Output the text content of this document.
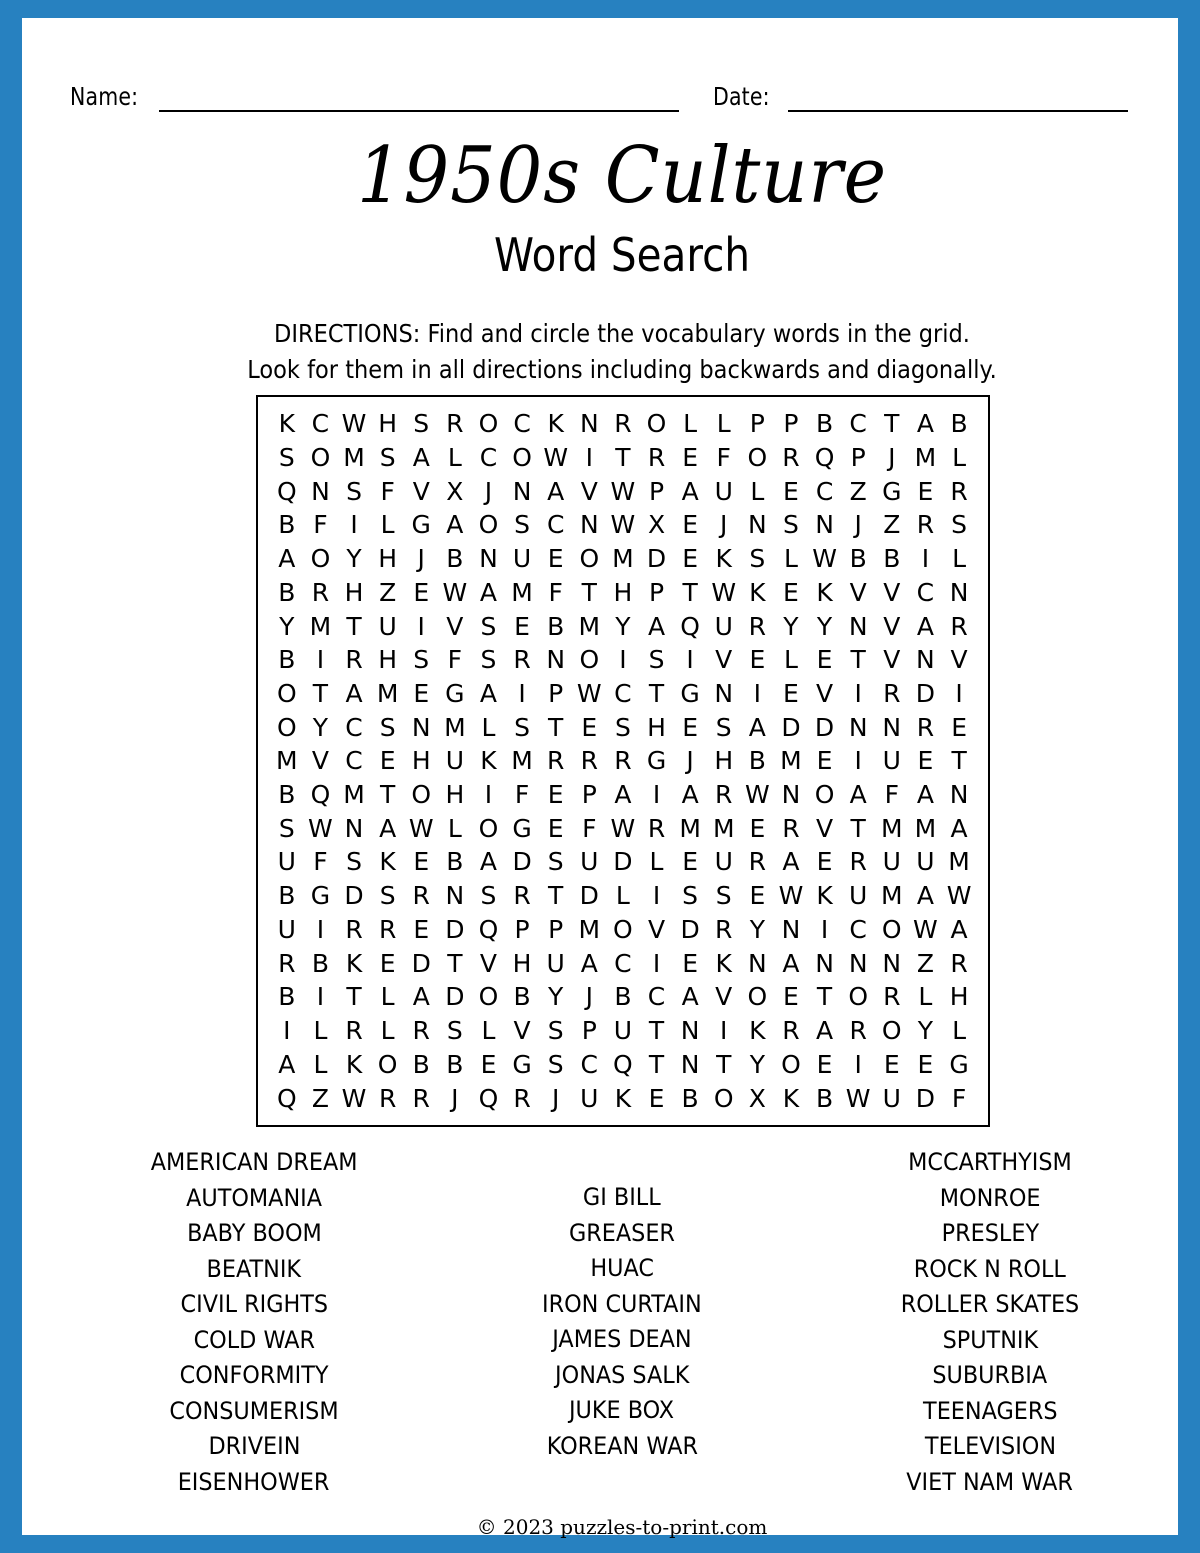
Name:	Date:
1950s Culture
Word Search
DIRECTIONS: Find and circle the vocabulary words in the grid.
Look for them in all directions including backwards and diagonally.
K	C	W	H	S	R	O	C	K	N	R	O	L	L	P	P	B	C	T	A	B
S	O	M	S	A	L	C	O	W	I	T	R	E	F	O	R	Q	P	J	M	L
Q	N	S	F	V	X	J	N	A	V	W	P	A	U	L	E	C	Z	G	E	R
B	F	I	L	G	A	O	S	C	N	W	X	E	J	N	S	N	J	Z	R	S
A	O	Y	H	J	B	N	U	E	O	M	D	E	K	S	L	W	B	B	I	L
B	R	H	Z	E	W	A	M	F	T	H	P	T	W	K	E	K	V	V	C	N
Y	M	T	U	I	V	S	E	B	M	Y	A	Q	U	R	Y	Y	N	V	A	R
B	I	R	H	S	F	S	R	N	O	I	S	I	V	E	L	E	T	V	N	V
O	T	A	M	E	G	A	I	P	W	C	T	G	N	I	E	V	I	R	D	I
O	Y	C	S	N	M	L	S	T	E	S	H	E	S	A	D	D	N	N	R	E
M	V	C	E	H	U	K	M	R	R	R	G	J	H	B	M	E	I	U	E	T
B	Q	M	T	O	H	I	F	E	P	A	I	A	R	W	N	O	A	F	A	N
S	W	N	A	W	L	O	G	E	F	W	R	M	M	E	R	V	T	M	M	A
U	F	S	K	E	B	A	D	S	U	D	L	E	U	R	A	E	R	U	U	M
B	G	D	S	R	N	S	R	T	D	L	I	S	S	E	W	K	U	M	A	W
U	I	R	R	E	D	Q	P	P	M	O	V	D	R	Y	N	I	C	O	W	A
R	B	K	E	D	T	V	H	U	A	C	I	E	K	N	A	N	N	N	Z	R
B	I	T	L	A	D	O	B	Y	J	B	C	A	V	O	E	T	O	R	L	H
I	L	R	L	R	S	L	V	S	P	U	T	N	I	K	R	A	R	O	Y	L
A	L	K	O	B	B	E	G	S	C	Q	T	N	T	Y	O	E	I	E	E	G
Q	Z	W	R	R	J	Q	R	J	U	K	E	B	O	X	K	B	W	U	D	F
AMERICAN DREAM
AUTOMANIA
BABY BOOM
BEATNIK
CIVIL RIGHTS
COLD WAR
CONFORMITY
CONSUMERISM
DRIVEIN
EISENHOWER
GI BILL
GREASER
HUAC
IRON CURTAIN
JAMES DEAN
JONAS SALK
JUKE BOX
KOREAN WAR
MCCARTHYISM
MONROE
PRESLEY
ROCK N ROLL
ROLLER SKATES
SPUTNIK
SUBURBIA
TEENAGERS
TELEVISION
VIET NAM WAR
© 2023 puzzles-to-print.com
